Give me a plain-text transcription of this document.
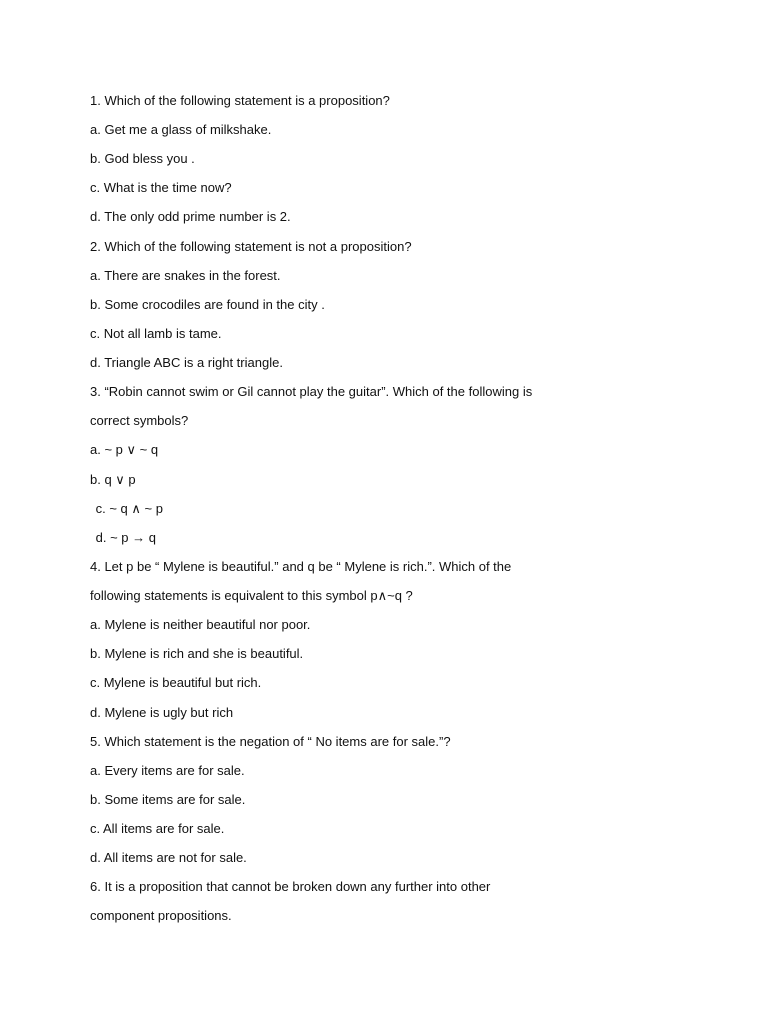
1. Which of the following statement is a proposition?
a. Get me a glass of milkshake.
b. God bless you .
c. What is the time now?
d. The only odd prime number is 2.
2. Which of the following statement is not a proposition?
a. There are snakes in the forest.
b. Some crocodiles are found in the city .
c. Not all lamb is tame.
d. Triangle ABC is a right triangle.
3. “Robin cannot swim or Gil cannot play the guitar”. Which of the following is
correct symbols?
a. ~ p ∨ ~ q
b. q ∨ p
c. ~ q ∧ ~ p
d. ~ p → q
4. Let p be “ Mylene is beautiful.” and q be “ Mylene is rich.”. Which of the
following statements is equivalent to this symbol p∧~q ?
a. Mylene is neither beautiful nor poor.
b. Mylene is rich and she is beautiful.
c. Mylene is beautiful but rich.
d. Mylene is ugly but rich
5. Which statement is the negation of “ No items are for sale.”?
a. Every items are for sale.
b. Some items are for sale.
c. All items are for sale.
d. All items are not for sale.
6. It is a proposition that cannot be broken down any further into other
component propositions.
